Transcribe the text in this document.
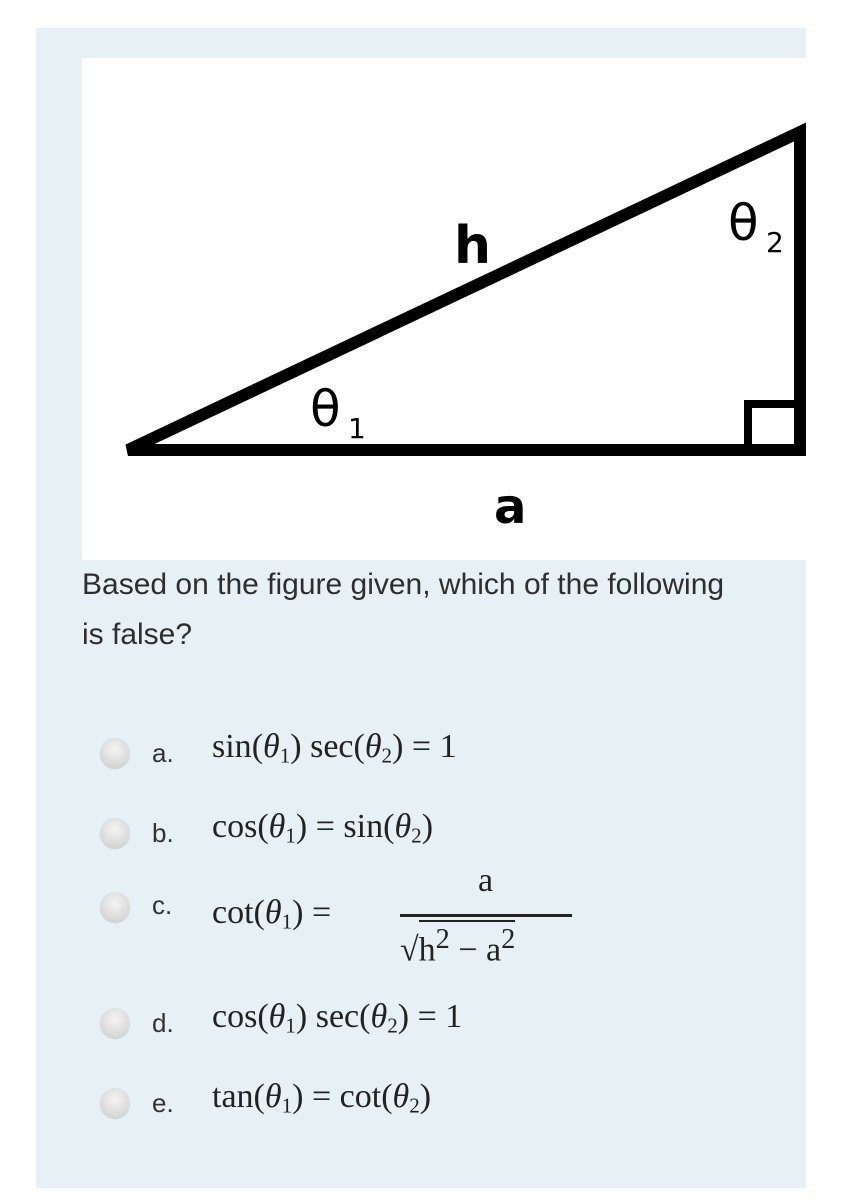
h
a
θ 1
θ 2
Based on the figure given, which of the following is false?
a. $\sin(\theta_1) \sec(\theta_2) = 1$
b. $\cos(\theta_1) = \sin(\theta_2)$
c. $\cot(\theta_1)$ =
a
$√h^2 - a^2$
d. $\cos(\theta_1) \sec(\theta_2) = 1$
e. $\tan(\theta_1) = \cot(\theta_2)$
